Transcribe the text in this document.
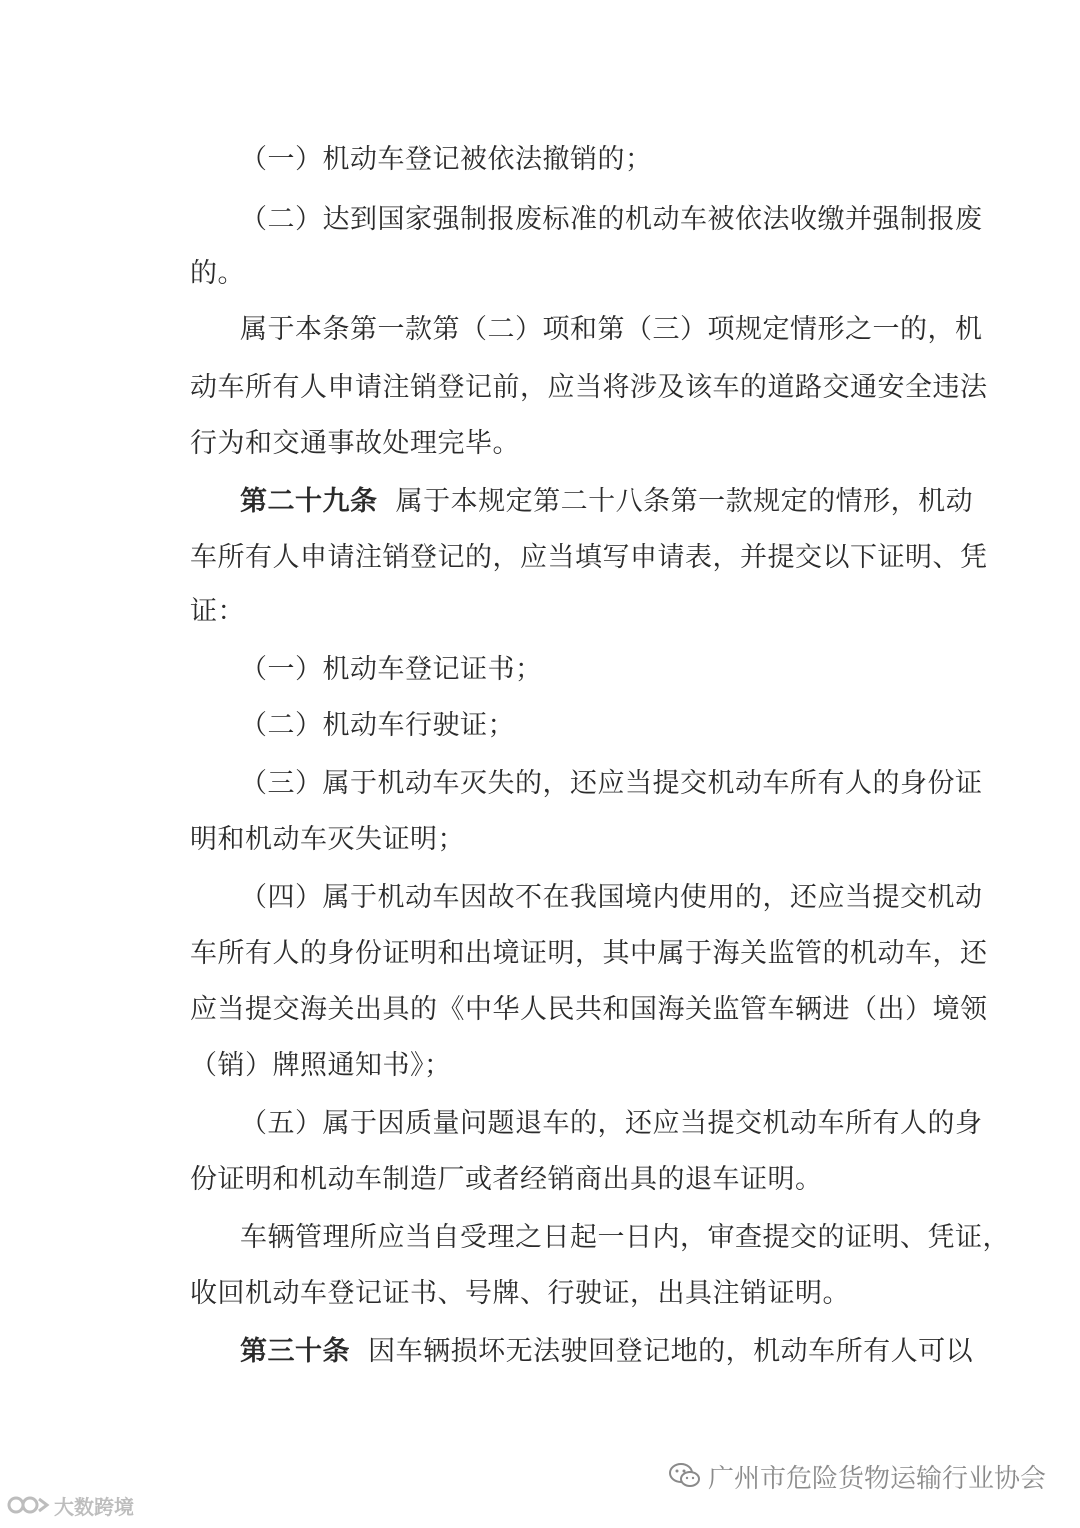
（一）机动车登记被依法撤销的；
（二）达到国家强制报废标准的机动车被依法收缴并强制报废
的。
属于本条第一款第（二）项和第（三）项规定情形之一的，机
动车所有人申请注销登记前，应当将涉及该车的道路交通安全违法
行为和交通事故处理完毕。
第二十九条 属于本规定第二十八条第一款规定的情形，机动
车所有人申请注销登记的，应当填写申请表，并提交以下证明、凭
证：
（一）机动车登记证书；
（二）机动车行驶证；
（三）属于机动车灭失的，还应当提交机动车所有人的身份证
明和机动车灭失证明；
（四）属于机动车因故不在我国境内使用的，还应当提交机动
车所有人的身份证明和出境证明，其中属于海关监管的机动车，还
应当提交海关出具的《中华人民共和国海关监管车辆进（出）境领
（销）牌照通知书》；
（五）属于因质量问题退车的，还应当提交机动车所有人的身
份证明和机动车制造厂或者经销商出具的退车证明。
车辆管理所应当自受理之日起一日内，审查提交的证明、凭证，
收回机动车登记证书、号牌、行驶证，出具注销证明。
第三十条 因车辆损坏无法驶回登记地的，机动车所有人可以
广州市危险货物运输行业协会
大数跨境
